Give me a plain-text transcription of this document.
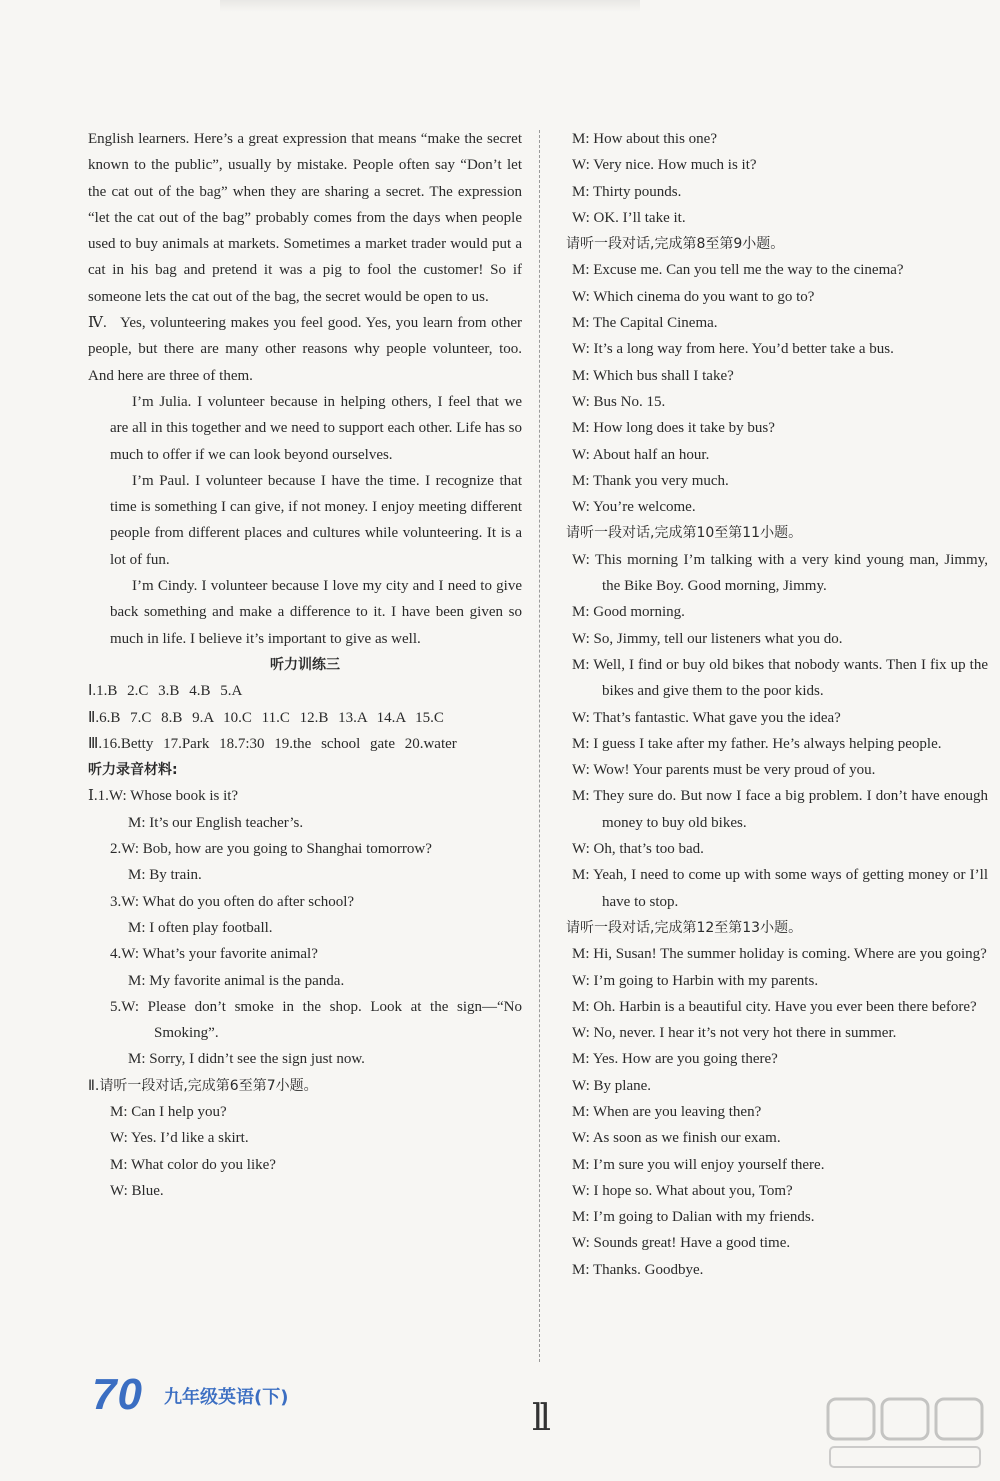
English learners. Here’s a great expression that means “make the secret known to the public”, usually by mistake. People often say “Don’t let the cat out of the bag” when they are sharing a secret. The expression “let the cat out of the bag” probably comes from the days when people used to buy animals at markets. Sometimes a market trader would put a cat in his bag and pretend it was a pig to fool the customer! So if someone lets the cat out of the bag, the secret would be open to us.

Ⅳ. Yes, volunteering makes you feel good. Yes, you learn from other people, but there are many other reasons why people volunteer, too. And here are three of them.

I’m Julia. I volunteer because in helping others, I feel that we are all in this together and we need to support each other. Life has so much to offer if we can look beyond ourselves.

I’m Paul. I volunteer because I have the time. I recognize that time is something I can give, if not money. I enjoy meeting different people from different places and cultures while volunteering. It is a lot of fun.

I’m Cindy. I volunteer because I love my city and I need to give back something and make a difference to it. I have been given so much in life. I believe it’s important to give as well.

听力训练三

Ⅰ.1.B 2.C 3.B 4.B 5.A

Ⅱ.6.B 7.C 8.B 9.A 10.C 11.C 12.B 13.A 14.A 15.C

Ⅲ.16.Betty 17.Park 18.7:30 19.the school gate 20.water

听力录音材料:

Ⅰ.1.W: Whose book is it?

M: It’s our English teacher’s.

2.W: Bob, how are you going to Shanghai tomorrow?

M: By train.

3.W: What do you often do after school?

M: I often play football.

4.W: What’s your favorite animal?

M: My favorite animal is the panda.

5.W: Please don’t smoke in the shop. Look at the sign—“No Smoking”.

M: Sorry, I didn’t see the sign just now.

Ⅱ.请听一段对话,完成第6至第7小题。

M: Can I help you?

W: Yes. I’d like a skirt.

M: What color do you like?

W: Blue.

M: How about this one?

W: Very nice. How much is it?

M: Thirty pounds.

W: OK. I’ll take it.

请听一段对话,完成第8至第9小题。

M: Excuse me. Can you tell me the way to the cinema?

W: Which cinema do you want to go to?

M: The Capital Cinema.

W: It’s a long way from here. You’d better take a bus.

M: Which bus shall I take?

W: Bus No. 15.

M: How long does it take by bus?

W: About half an hour.

M: Thank you very much.

W: You’re welcome.

请听一段对话,完成第10至第11小题。

W: This morning I’m talking with a very kind young man, Jimmy, the Bike Boy. Good morning, Jimmy.

M: Good morning.

W: So, Jimmy, tell our listeners what you do.

M: Well, I find or buy old bikes that nobody wants. Then I fix up the bikes and give them to the poor kids.

W: That’s fantastic. What gave you the idea?

M: I guess I take after my father. He’s always helping people.

W: Wow! Your parents must be very proud of you.

M: They sure do. But now I face a big problem. I don’t have enough money to buy old bikes.

W: Oh, that’s too bad.

M: Yeah, I need to come up with some ways of getting money or I’ll have to stop.

请听一段对话,完成第12至第13小题。

M: Hi, Susan! The summer holiday is coming. Where are you going?

W: I’m going to Harbin with my parents.

M: Oh. Harbin is a beautiful city. Have you ever been there before?

W: No, never. I hear it’s not very hot there in summer.

M: Yes. How are you going there?

W: By plane.

M: When are you leaving then?

W: As soon as we finish our exam.

M: I’m sure you will enjoy yourself there.

W: I hope so. What about you, Tom?

M: I’m going to Dalian with my friends.

W: Sounds great! Have a good time.

M: Thanks. Goodbye.

70 九年级英语(下)
ll
